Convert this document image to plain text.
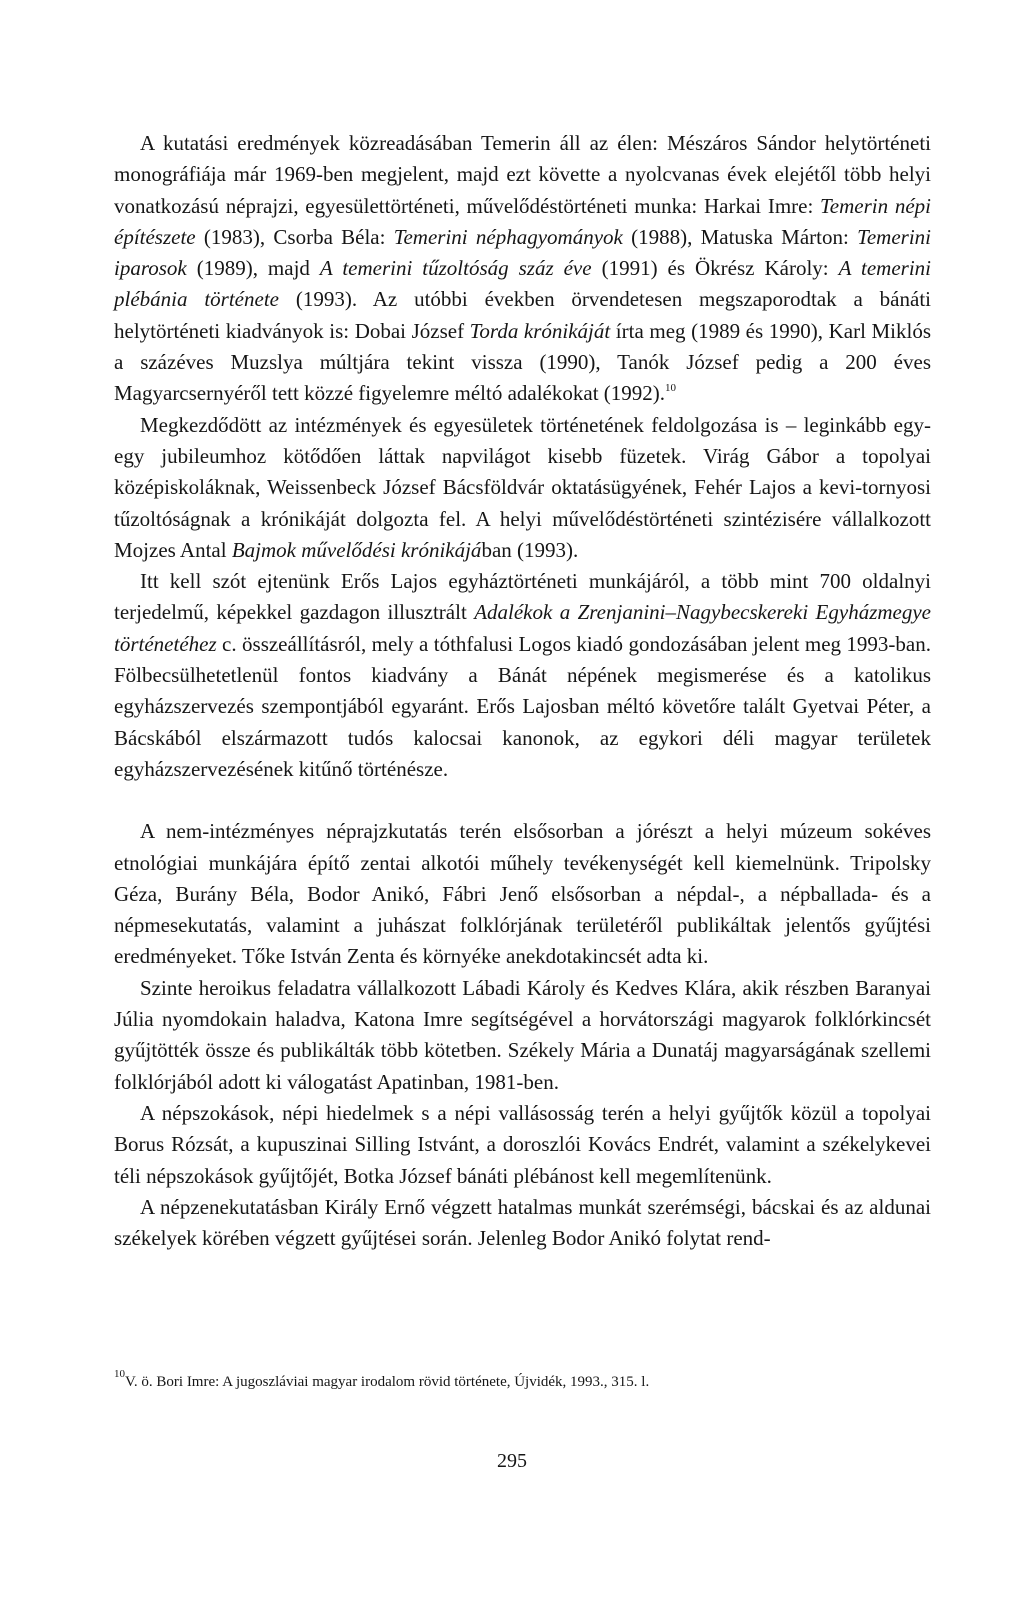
A kutatási eredmények közreadásában Temerin áll az élen: Mészáros Sándor helytörténeti monográfiája már 1969-ben megjelent, majd ezt követte a nyolcvanas évek elejétől több helyi vonatkozású néprajzi, egyesülettörténeti, művelődéstörténeti munka: Harkai Imre: Temerin népi építészete (1983), Csorba Béla: Temerini néphagyományok (1988), Matuska Márton: Temerini iparosok (1989), majd A temerini tűzoltóság száz éve (1991) és Ökrész Károly: A temerini plébánia története (1993). Az utóbbi években örvendetesen megszaporodtak a bánáti helytörténeti kiadványok is: Dobai József Torda krónikáját írta meg (1989 és 1990), Karl Miklós a százéves Muzslya múltjára tekint vissza (1990), Tanók József pedig a 200 éves Magyarcsernyéről tett közzé figyelemre méltó adalékokat (1992).$^{10}$

Megkezdődött az intézmények és egyesületek történetének feldolgozása is – leginkább egy-egy jubileumhoz kötődően láttak napvilágot kisebb füzetek. Virág Gábor a topolyai középiskoláknak, Weissenbeck József Bácsföldvár oktatásügyének, Fehér Lajos a kevi-tornyosi tűzoltóságnak a krónikáját dolgozta fel. A helyi művelődéstörténeti szintézisére vállalkozott Mojzes Antal Bajmok művelődési krónikájában (1993).

Itt kell szót ejtenünk Erős Lajos egyháztörténeti munkájáról, a több mint 700 oldalnyi terjedelmű, képekkel gazdagon illusztrált Adalékok a Zrenjanini–Nagybecskereki Egyházmegye történetéhez c. összeállításról, mely a tóthfalusi Logos kiadó gondozásában jelent meg 1993-ban. Fölbecsülhetetlenül fontos kiadvány a Bánát népének megismerése és a katolikus egyházszervezés szempontjából egyaránt. Erős Lajosban méltó követőre talált Gyetvai Péter, a Bácskából elszármazott tudós kalocsai kanonok, az egykori déli magyar területek egyházszervezésének kitűnő történésze.

A nem-intézményes néprajzkutatás terén elsősorban a jórészt a helyi múzeum sokéves etnológiai munkájára építő zentai alkotói műhely tevékenységét kell kiemelnünk. Tripolsky Géza, Burány Béla, Bodor Anikó, Fábri Jenő elsősorban a népdal-, a népballada- és a népmesekutatás, valamint a juhászat folklórjának területéről publikáltak jelentős gyűjtési eredményeket. Tőke István Zenta és környéke anekdotakincsét adta ki.

Szinte heroikus feladatra vállalkozott Lábadi Károly és Kedves Klára, akik részben Baranyai Júlia nyomdokain haladva, Katona Imre segítségével a horvátországi magyarok folklórkincsét gyűjtötték össze és publikálták több kötetben. Székely Mária a Dunatáj magyarságának szellemi folklórjából adott ki válogatást Apatinban, 1981-ben.

A népszokások, népi hiedelmek s a népi vallásosság terén a helyi gyűjtők közül a topolyai Borus Rózsát, a kupuszinai Silling Istvánt, a doroszlói Kovács Endrét, valamint a székelykevei téli népszokások gyűjtőjét, Botka József bánáti plébánost kell megemlítenünk.

A népzenekutatásban Király Ernő végzett hatalmas munkát szerémségi, bácskai és az aldunai székelyek körében végzett gyűjtései során. Jelenleg Bodor Anikó folytat rend-

$^{10}$V. ö. Bori Imre: A jugoszláviai magyar irodalom rövid története, Újvidék, 1993., 315. l.
295
